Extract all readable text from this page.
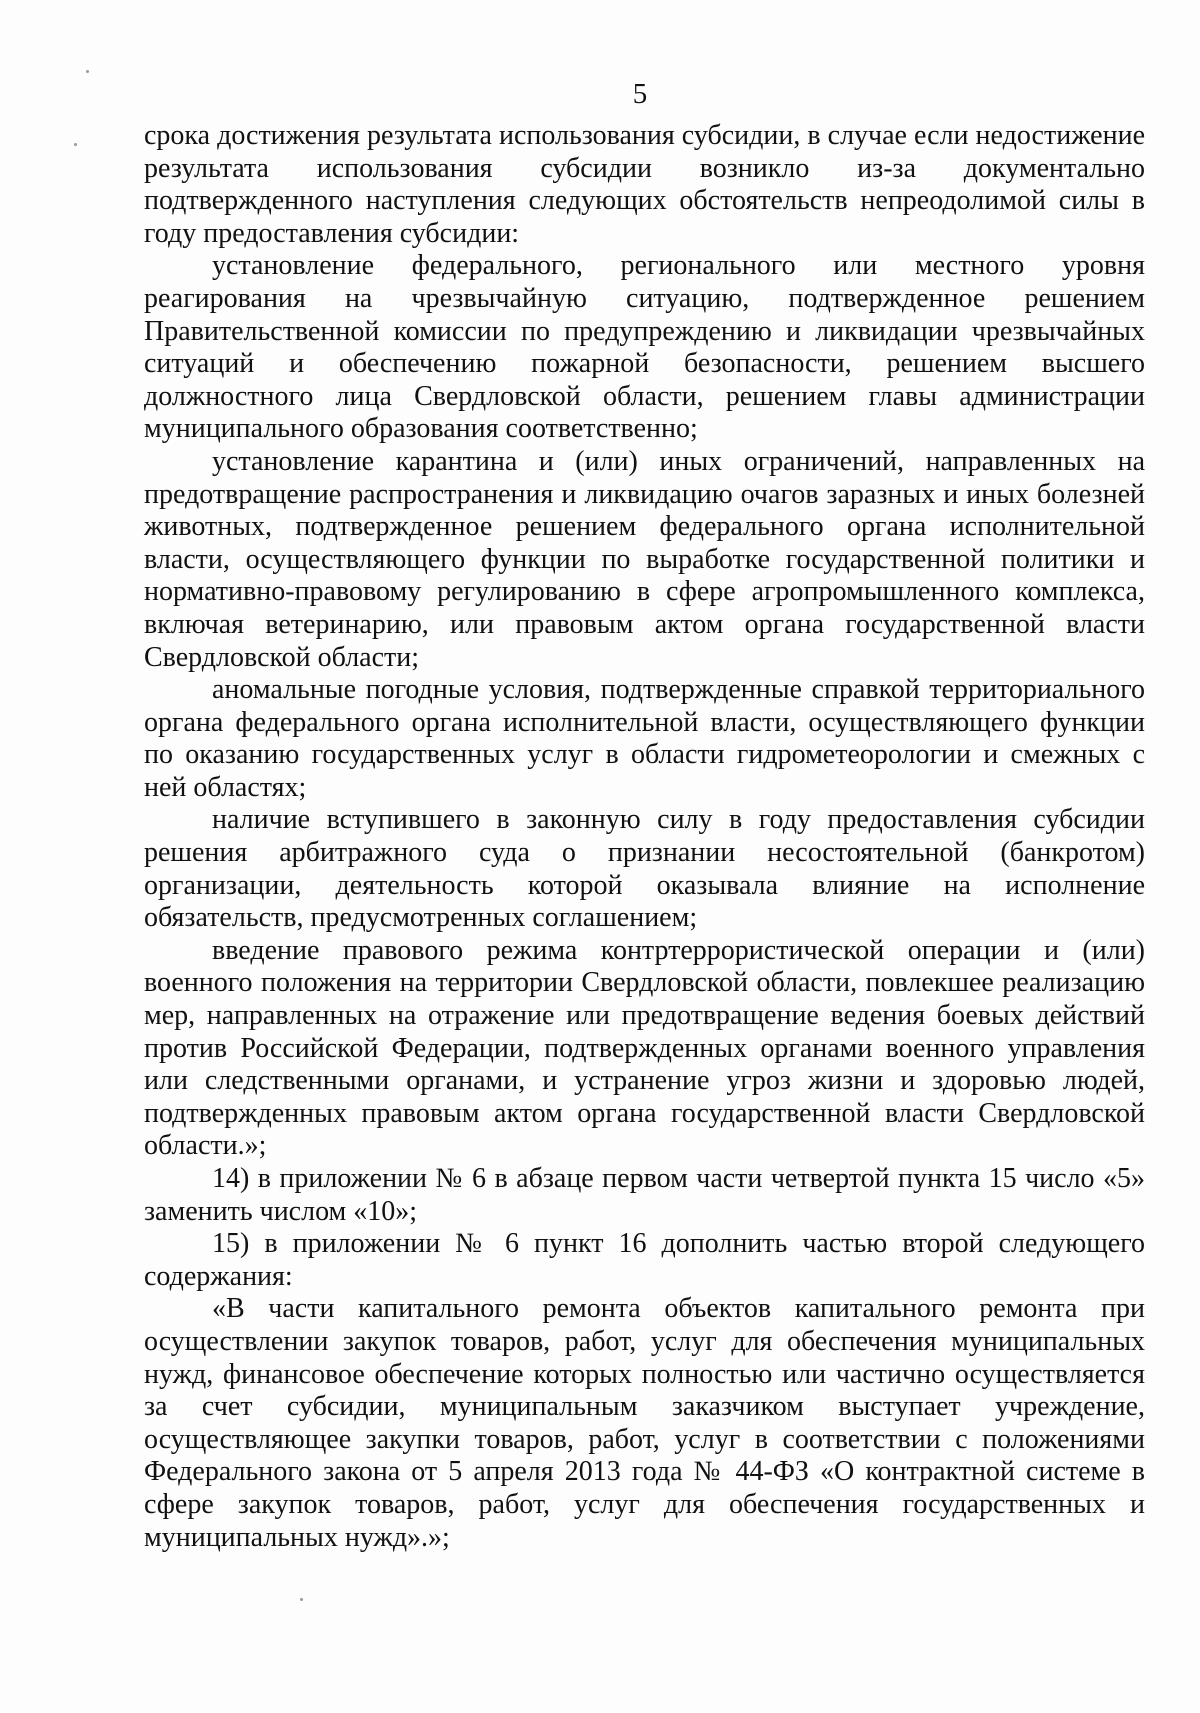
5

срока достижения результата использования субсидии, в случае если недостижение результата использования субсидии возникло из-за документально подтвержденного наступления следующих обстоятельств непреодолимой силы в году предоставления субсидии:

установление федерального, регионального или местного уровня реагирования на чрезвычайную ситуацию, подтвержденное решением Правительственной комиссии по предупреждению и ликвидации чрезвычайных ситуаций и обеспечению пожарной безопасности, решением высшего должностного лица Свердловской области, решением главы администрации муниципального образования соответственно;

установление карантина и (или) иных ограничений, направленных на предотвращение распространения и ликвидацию очагов заразных и иных болезней животных, подтвержденное решением федерального органа исполнительной власти, осуществляющего функции по выработке государственной политики и нормативно-правовому регулированию в сфере агропромышленного комплекса, включая ветеринарию, или правовым актом органа государственной власти Свердловской области;

аномальные погодные условия, подтвержденные справкой территориального органа федерального органа исполнительной власти, осуществляющего функции по оказанию государственных услуг в области гидрометеорологии и смежных с ней областях;

наличие вступившего в законную силу в году предоставления субсидии решения арбитражного суда о признании несостоятельной (банкротом) организации, деятельность которой оказывала влияние на исполнение обязательств, предусмотренных соглашением;

введение правового режима контртеррористической операции и (или) военного положения на территории Свердловской области, повлекшее реализацию мер, направленных на отражение или предотвращение ведения боевых действий против Российской Федерации, подтвержденных органами военного управления или следственными органами, и устранение угроз жизни и здоровью людей, подтвержденных правовым актом органа государственной власти Свердловской области.»;

14) в приложении № 6 в абзаце первом части четвертой пункта 15 число «5» заменить числом «10»;

15) в приложении № 6 пункт 16 дополнить частью второй следующего содержания:

«В части капитального ремонта объектов капитального ремонта при осуществлении закупок товаров, работ, услуг для обеспечения муниципальных нужд, финансовое обеспечение которых полностью или частично осуществляется за счет субсидии, муниципальным заказчиком выступает учреждение, осуществляющее закупки товаров, работ, услуг в соответствии с положениями Федерального закона от 5 апреля 2013 года № 44-ФЗ «О контрактной системе в сфере закупок товаров, работ, услуг для обеспечения государственных и муниципальных нужд».»;
